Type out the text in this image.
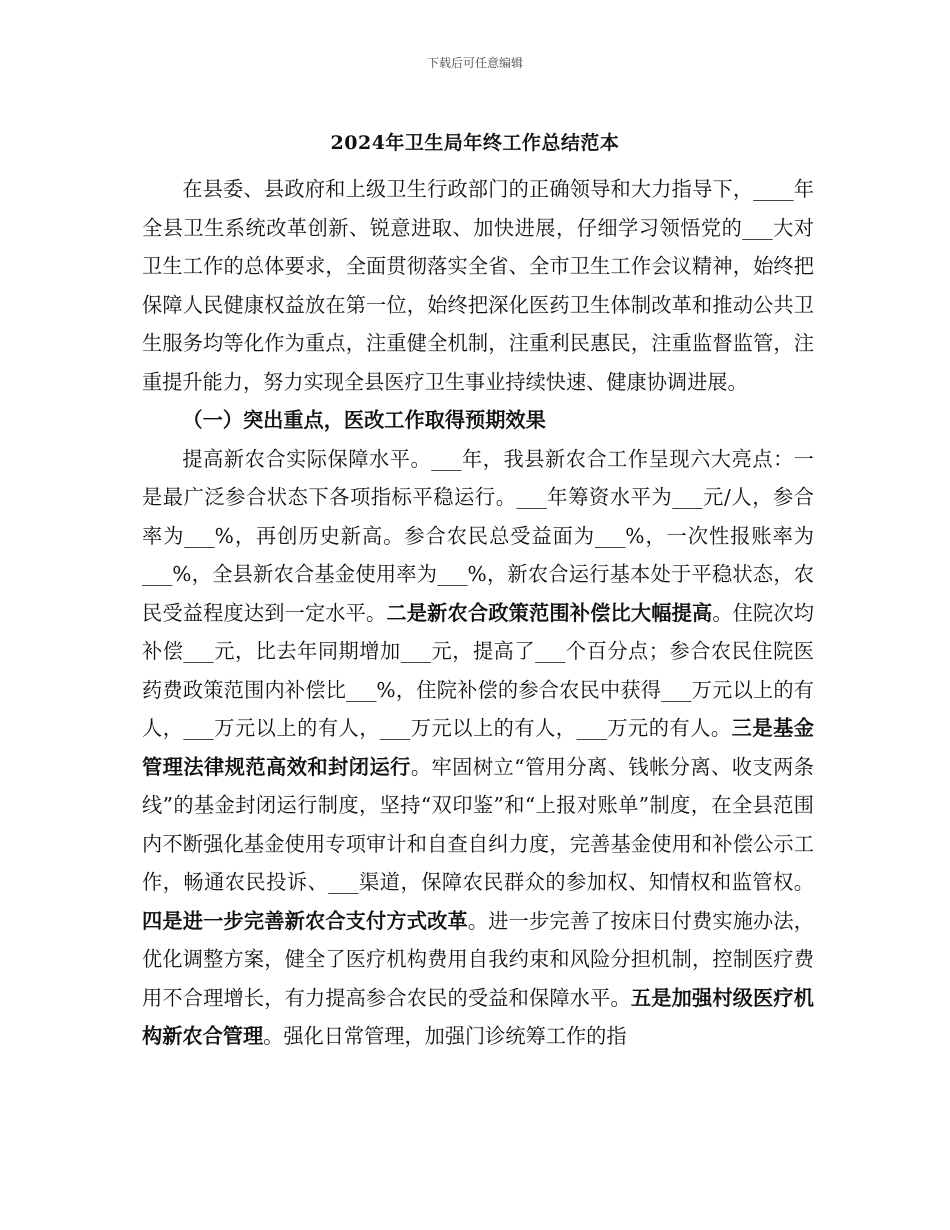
下载后可任意编辑
2024年卫生局年终工作总结范本

在县委、县政府和上级卫生行政部门的正确领导和大力指导下，____年全县卫生系统改革创新、锐意进取、加快进展，仔细学习领悟党的___大对卫生工作的总体要求，全面贯彻落实全省、全市卫生工作会议精神，始终把保障人民健康权益放在第一位，始终把深化医药卫生体制改革和推动公共卫生服务均等化作为重点，注重健全机制，注重利民惠民，注重监督监管，注重提升能力，努力实现全县医疗卫生事业持续快速、健康协调进展。

（一）突出重点，医改工作取得预期效果

提高新农合实际保障水平。___年，我县新农合工作呈现六大亮点：一是最广泛参合状态下各项指标平稳运行。___年筹资水平为___元/人，参合率为___%，再创历史新高。参合农民总受益面为___%，一次性报账率为___%，全县新农合基金使用率为___%，新农合运行基本处于平稳状态，农民受益程度达到一定水平。二是新农合政策范围补偿比大幅提高。住院次均补偿___元，比去年同期增加___元，提高了___个百分点；参合农民住院医药费政策范围内补偿比___%，住院补偿的参合农民中获得___万元以上的有人，___万元以上的有人，___万元以上的有人，___万元的有人。三是基金管理法律规范高效和封闭运行。牢固树立“管用分离、钱帐分离、收支两条线”的基金封闭运行制度，坚持“双印鉴”和“上报对账单”制度，在全县范围内不断强化基金使用专项审计和自查自纠力度，完善基金使用和补偿公示工作，畅通农民投诉、___渠道，保障农民群众的参加权、知情权和监管权。四是进一步完善新农合支付方式改革。进一步完善了按床日付费实施办法，优化调整方案，健全了医疗机构费用自我约束和风险分担机制，控制医疗费用不合理增长，有力提高参合农民的受益和保障水平。五是加强村级医疗机构新农合管理。强化日常管理，加强门诊统筹工作的指
